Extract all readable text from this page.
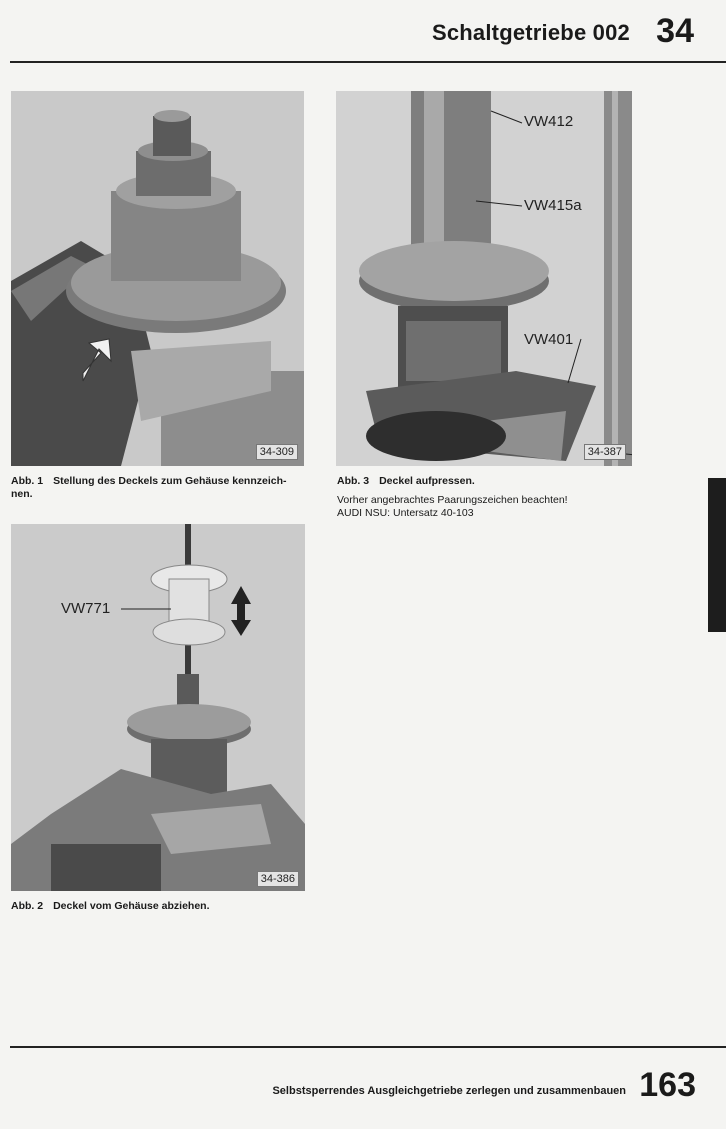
Schaltgetriebe 002 34
34-309
Abb. 1 Stellung des Deckels zum Gehäuse kennzeich-
nen.
VW412
VW415a
VW401
34-387
Abb. 3 Deckel aufpressen.
Vorher angebrachtes Paarungszeichen beachten!
AUDI NSU: Untersatz 40-103
VW771
34-386
Abb. 2 Deckel vom Gehäuse abziehen.
Selbstsperrendes Ausgleichgetriebe zerlegen und zusammenbauen 163
